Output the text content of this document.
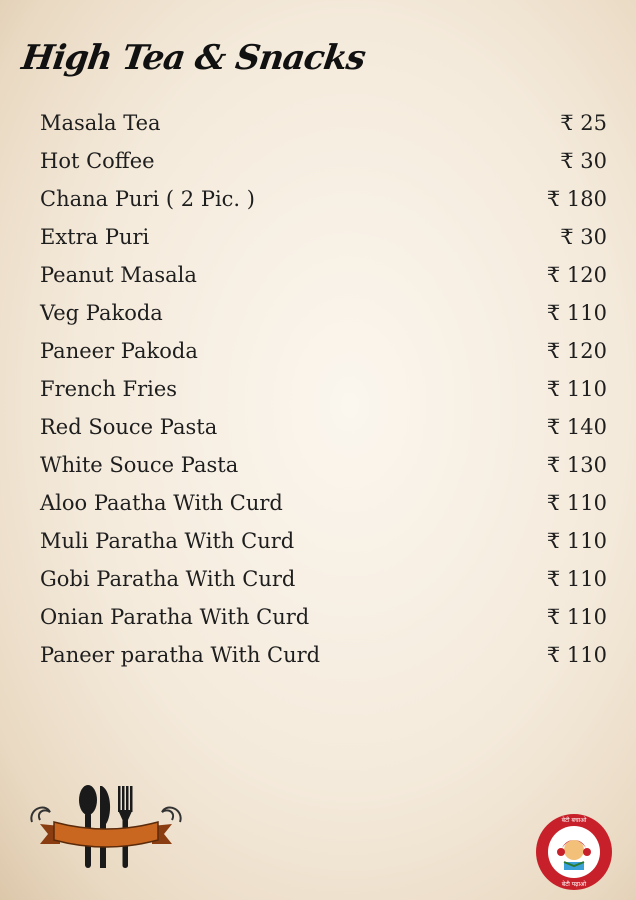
High Tea & Snacks
Masala Tea	₹ 25
Hot Coffee	₹ 30
Chana Puri ( 2 Pic. )	₹ 180
Extra Puri	₹ 30
Peanut Masala	₹ 120
Veg Pakoda	₹ 110
Paneer Pakoda	₹ 120
French Fries	₹ 110
Red Souce Pasta	₹ 140
White Souce Pasta	₹ 130
Aloo Paatha With Curd	₹ 110
Muli Paratha With Curd	₹ 110
Gobi Paratha With Curd	₹ 110
Onian Paratha With Curd	₹ 110
Paneer paratha With Curd	₹ 110
बेटी बचाओ
बेटी पढ़ाओ
